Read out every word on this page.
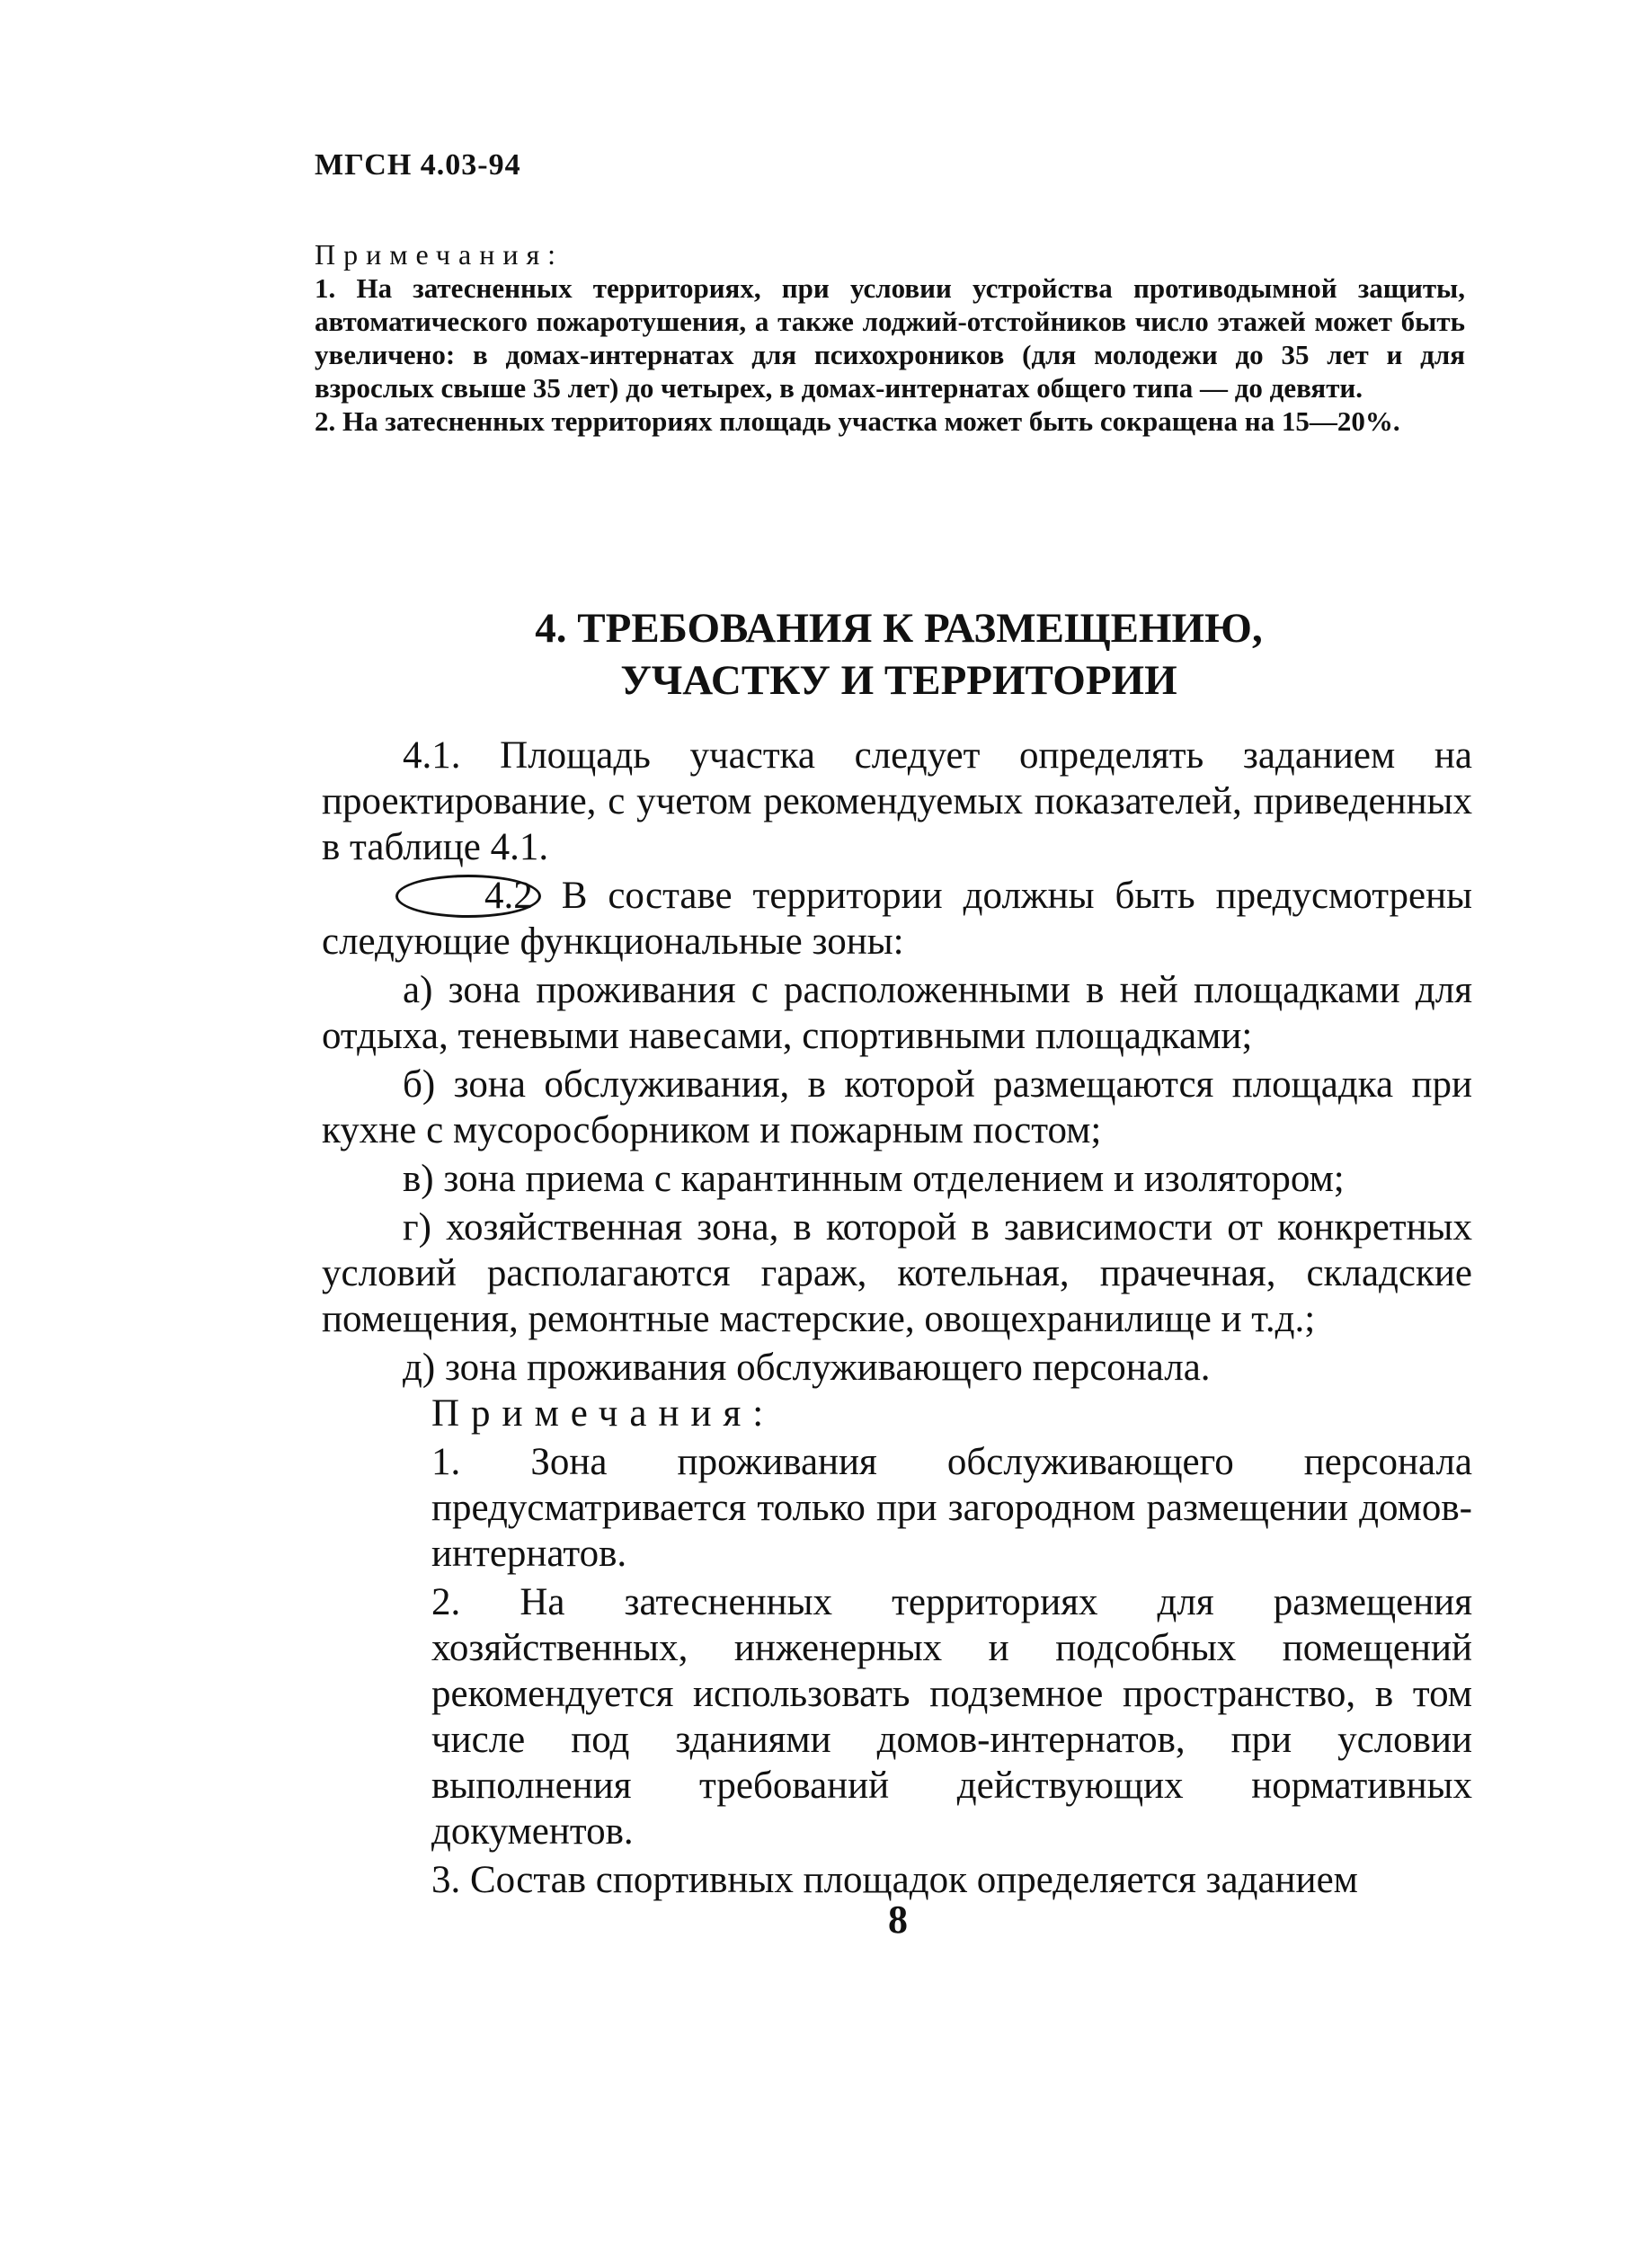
МГСН 4.03-94

Примечания:

1. На затесненных территориях, при условии устройства противодымной защиты, автоматического пожаротушения, а также лоджий-отстойников число этажей может быть увеличено: в домах-интернатах для психохроников (для молодежи до 35 лет и для взрослых свыше 35 лет) до четырех, в домах-интернатах общего типа — до девяти.

2. На затесненных территориях площадь участка может быть сокращена на 15—20%.

4. ТРЕБОВАНИЯ К РАЗМЕЩЕНИЮ,
УЧАСТКУ И ТЕРРИТОРИИ

4.1. Площадь участка следует определять заданием на проектирование, с учетом рекомендуемых показателей, приведенных в таблице 4.1.

4.2 В составе территории должны быть предусмотрены следующие функциональные зоны:

а) зона проживания с расположенными в ней площадками для отдыха, теневыми навесами, спортивными площадками;

б) зона обслуживания, в которой размещаются площадка при кухне с мусоросборником и пожарным постом;

в) зона приема с карантинным отделением и изолятором;

г) хозяйственная зона, в которой в зависимости от конкретных условий располагаются гараж, котельная, прачечная, складские помещения, ремонтные мастерские, овощехранилище и т.д.;

д) зона проживания обслуживающего персонала.

Примечания:

1. Зона проживания обслуживающего персонала предусматривается только при загородном размещении домов-интернатов.

2. На затесненных территориях для размещения хозяйственных, инженерных и подсобных помещений рекомендуется использовать подземное пространство, в том числе под зданиями домов-интернатов, при условии выполнения требований действующих нормативных документов.

3. Состав спортивных площадок определяется заданием

8
